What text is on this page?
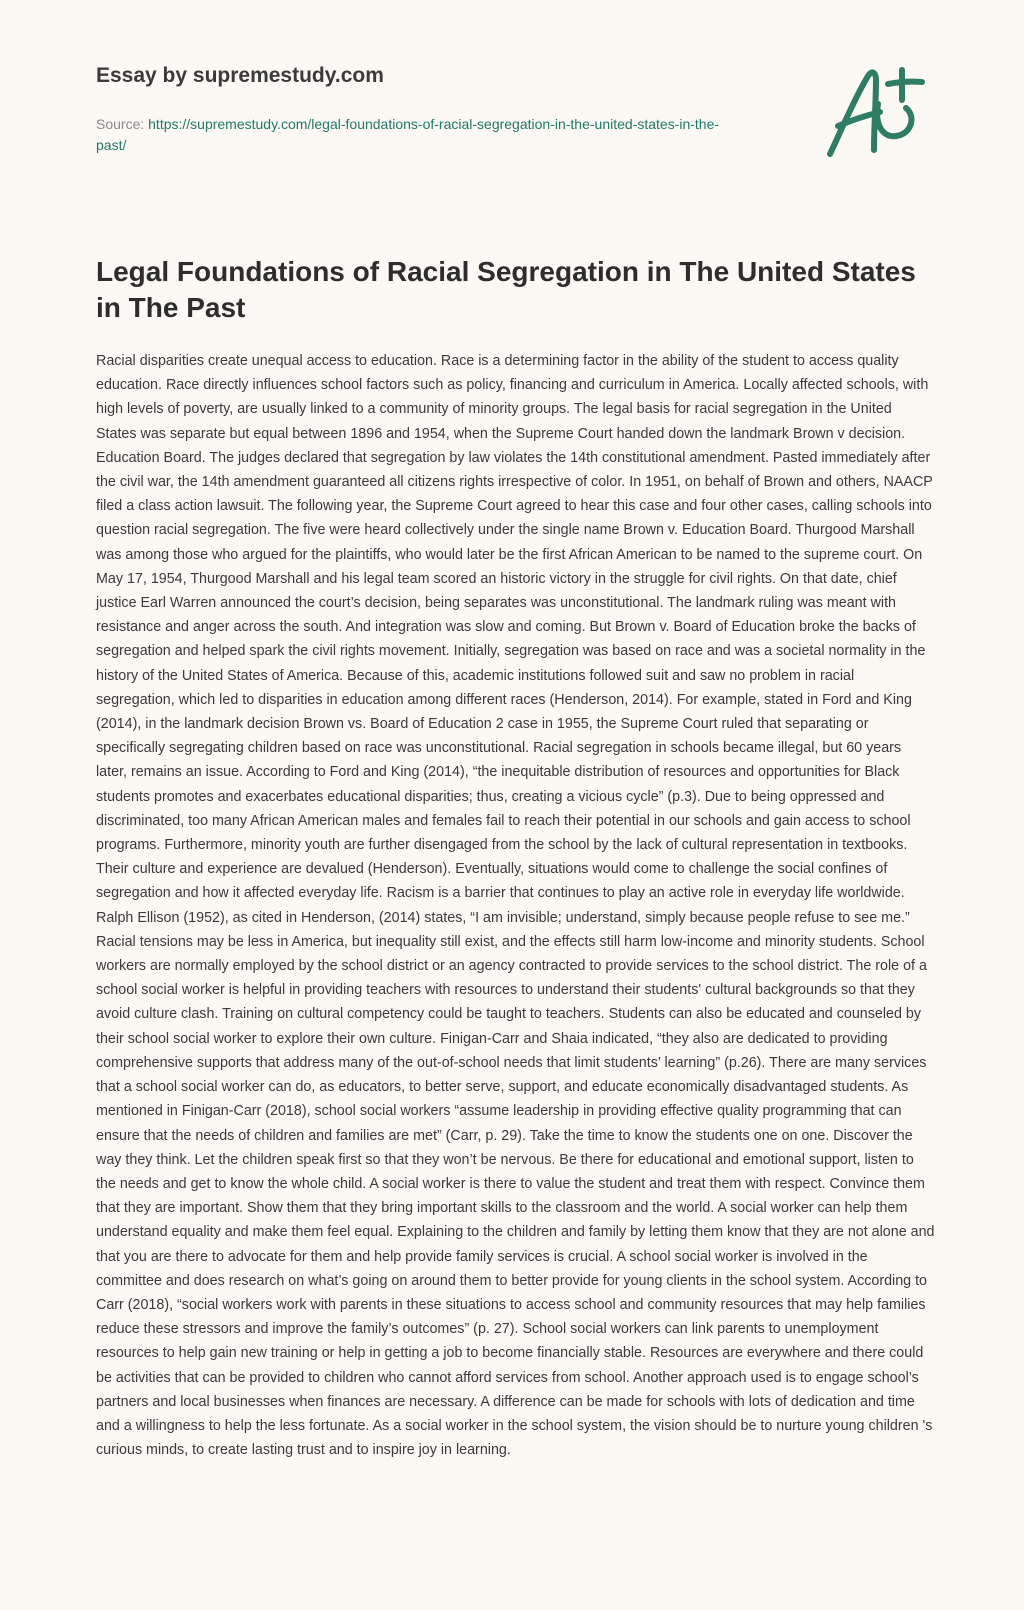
Essay by supremestudy.com
Source: https://supremestudy.com/legal-foundations-of-racial-segregation-in-the-united-states-in-the-past/
Legal Foundations of Racial Segregation in The United States in The Past

Racial disparities create unequal access to education. Race is a determining factor in the ability of the student to access quality education. Race directly influences school factors such as policy, financing and curriculum in America. Locally affected schools, with high levels of poverty, are usually linked to a community of minority groups. The legal basis for racial segregation in the United States was separate but equal between 1896 and 1954, when the Supreme Court handed down the landmark Brown v decision. Education Board. The judges declared that segregation by law violates the 14th constitutional amendment. Pasted immediately after the civil war, the 14th amendment guaranteed all citizens rights irrespective of color. In 1951, on behalf of Brown and others, NAACP filed a class action lawsuit. The following year, the Supreme Court agreed to hear this case and four other cases, calling schools into question racial segregation. The five were heard collectively under the single name Brown v. Education Board. Thurgood Marshall was among those who argued for the plaintiffs, who would later be the first African American to be named to the supreme court. On May 17, 1954, Thurgood Marshall and his legal team scored an historic victory in the struggle for civil rights. On that date, chief justice Earl Warren announced the court’s decision, being separates was unconstitutional. The landmark ruling was meant with resistance and anger across the south. And integration was slow and coming. But Brown v. Board of Education broke the backs of segregation and helped spark the civil rights movement. Initially, segregation was based on race and was a societal normality in the history of the United States of America. Because of this, academic institutions followed suit and saw no problem in racial segregation, which led to disparities in education among different races (Henderson, 2014). For example, stated in Ford and King (2014), in the landmark decision Brown vs. Board of Education 2 case in 1955, the Supreme Court ruled that separating or specifically segregating children based on race was unconstitutional. Racial segregation in schools became illegal, but 60 years later, remains an issue. According to Ford and King (2014), “the inequitable distribution of resources and opportunities for Black students promotes and exacerbates educational disparities; thus, creating a vicious cycle” (p.3). Due to being oppressed and discriminated, too many African American males and females fail to reach their potential in our schools and gain access to school programs. Furthermore, minority youth are further disengaged from the school by the lack of cultural representation in textbooks. Their culture and experience are devalued (Henderson). Eventually, situations would come to challenge the social confines of segregation and how it affected everyday life. Racism is a barrier that continues to play an active role in everyday life worldwide. Ralph Ellison (1952), as cited in Henderson, (2014) states, “I am invisible; understand, simply because people refuse to see me.” Racial tensions may be less in America, but inequality still exist, and the effects still harm low-income and minority students. School workers are normally employed by the school district or an agency contracted to provide services to the school district. The role of a school social worker is helpful in providing teachers with resources to understand their students' cultural backgrounds so that they avoid culture clash. Training on cultural competency could be taught to teachers. Students can also be educated and counseled by their school social worker to explore their own culture. Finigan-Carr and Shaia indicated, “they also are dedicated to providing comprehensive supports that address many of the out-of-school needs that limit students’ learning” (p.26). There are many services that a school social worker can do, as educators, to better serve, support, and educate economically disadvantaged students. As mentioned in Finigan-Carr (2018), school social workers “assume leadership in providing effective quality programming that can ensure that the needs of children and families are met” (Carr, p. 29). Take the time to know the students one on one. Discover the way they think. Let the children speak first so that they won’t be nervous. Be there for educational and emotional support, listen to the needs and get to know the whole child. A social worker is there to value the student and treat them with respect. Convince them that they are important. Show them that they bring important skills to the classroom and the world. A social worker can help them understand equality and make them feel equal. Explaining to the children and family by letting them know that they are not alone and that you are there to advocate for them and help provide family services is crucial. A school social worker is involved in the committee and does research on what’s going on around them to better provide for young clients in the school system. According to Carr (2018), “social workers work with parents in these situations to access school and community resources that may help families reduce these stressors and improve the family’s outcomes” (p. 27). School social workers can link parents to unemployment resources to help gain new training or help in getting a job to become financially stable. Resources are everywhere and there could be activities that can be provided to children who cannot afford services from school. Another approach used is to engage school’s partners and local businesses when finances are necessary. A difference can be made for schools with lots of dedication and time and a willingness to help the less fortunate. As a social worker in the school system, the vision should be to nurture young children 's curious minds, to create lasting trust and to inspire joy in learning.
